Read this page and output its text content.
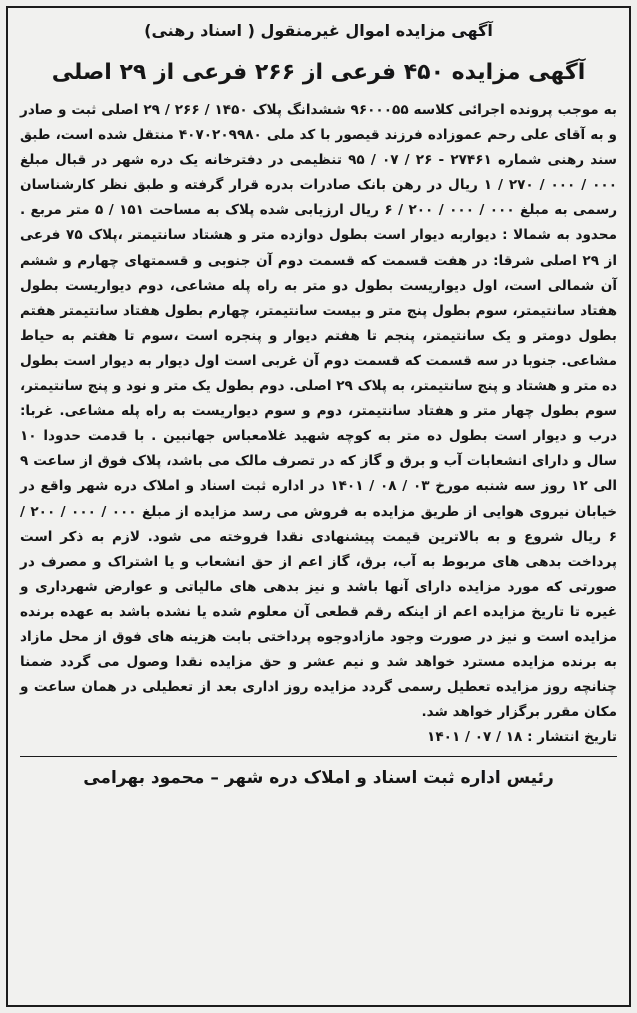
آگهی مزایده اموال غیرمنقول ( اسناد رهنی)

آگهی مزایده ۴۵۰ فرعی از ۲۶۶ فرعی از ۲۹ اصلی

به موجب پرونده اجرائی کلاسه ۹۶۰۰۰۵۵ ششدانگ پلاک ۱۴۵۰ / ۲۶۶ / ۲۹ اصلی ثبت و صادر و به آقای علی رحم عموزاده فرزند قیصور با کد ملی ۴۰۷۰۲۰۹۹۸۰ منتقل شده است، طبق سند رهنی شماره ۲۷۴۶۱ - ۲۶ / ۰۷ / ۹۵ تنظیمی در دفترخانه یک دره شهر در قبال مبلغ ۰۰۰ / ۰۰۰ / ۲۷۰ / ۱ ریال در رهن بانک صادرات بدره قرار گرفته و طبق نظر کارشناسان رسمی به مبلغ ۰۰۰ / ۰۰۰ / ۲۰۰ / ۶ ریال ارزیابی شده پلاک به مساحت ۱۵۱ / ۵ متر مربع . محدود به شمالا : دیواربه دیوار است بطول دوازده متر و هشتاد سانتیمتر ،پلاک ۷۵ فرعی از ۲۹ اصلی شرقا: در هفت قسمت که قسمت دوم آن جنوبی و قسمتهای چهارم و ششم آن شمالی است، اول دیواریست بطول دو متر به راه پله مشاعی، دوم دیواریست بطول هفتاد سانتیمتر، سوم بطول پنج متر و بیست سانتیمتر، چهارم بطول هفتاد سانتیمتر هفتم بطول دومتر و یک سانتیمتر، پنجم تا هفتم دیوار و پنجره است ،سوم تا هفتم به حیاط مشاعی. جنوبا در سه قسمت که قسمت دوم آن غربی است اول دیوار به دیوار است بطول ده متر و هشتاد و پنج سانتیمتر، به پلاک ۲۹ اصلی. دوم بطول یک متر و نود و پنج سانتیمتر، سوم بطول چهار متر و هفتاد سانتیمتر، دوم و سوم دیواریست به راه پله مشاعی. غربا: درب و دیوار است بطول ده متر به کوچه شهید غلامعباس جهانبین . با قدمت حدودا ۱۰ سال و دارای انشعابات آب و برق و گاز که در تصرف مالک می باشد، پلاک فوق از ساعت ۹ الی ۱۲ روز سه شنبه مورخ ۰۳ / ۰۸ / ۱۴۰۱ در اداره ثبت اسناد و املاک دره شهر واقع در خیابان نیروی هوایی از طریق مزایده به فروش می رسد مزایده از مبلغ ۰۰۰ / ۰۰۰ / ۲۰۰ / ۶ ریال شروع و به بالاترین قیمت پیشنهادی نقدا فروخته می شود. لازم به ذکر است پرداخت بدهی های مربوط به آب، برق، گاز اعم از حق انشعاب و یا اشتراک و مصرف در صورتی که مورد مزایده دارای آنها باشد و نیز بدهی های مالیاتی و عوارض شهرداری و غیره تا تاریخ مزایده اعم از اینکه رقم قطعی آن معلوم شده یا نشده باشد به عهده برنده مزایده است و نیز در صورت وجود مازادوجوه پرداختی بابت هزینه های فوق از محل مازاد به برنده مزایده مسترد خواهد شد و نیم عشر و حق مزایده نقدا وصول می گردد ضمنا چنانچه روز مزایده تعطیل رسمی گردد مزایده روز اداری بعد از تعطیلی در همان ساعت و مکان مقرر برگزار خواهد شد.

تاریخ انتشار : ۱۸ / ۰۷ / ۱۴۰۱

رئیس اداره ثبت اسناد و املاک دره شهر – محمود بهرامی
